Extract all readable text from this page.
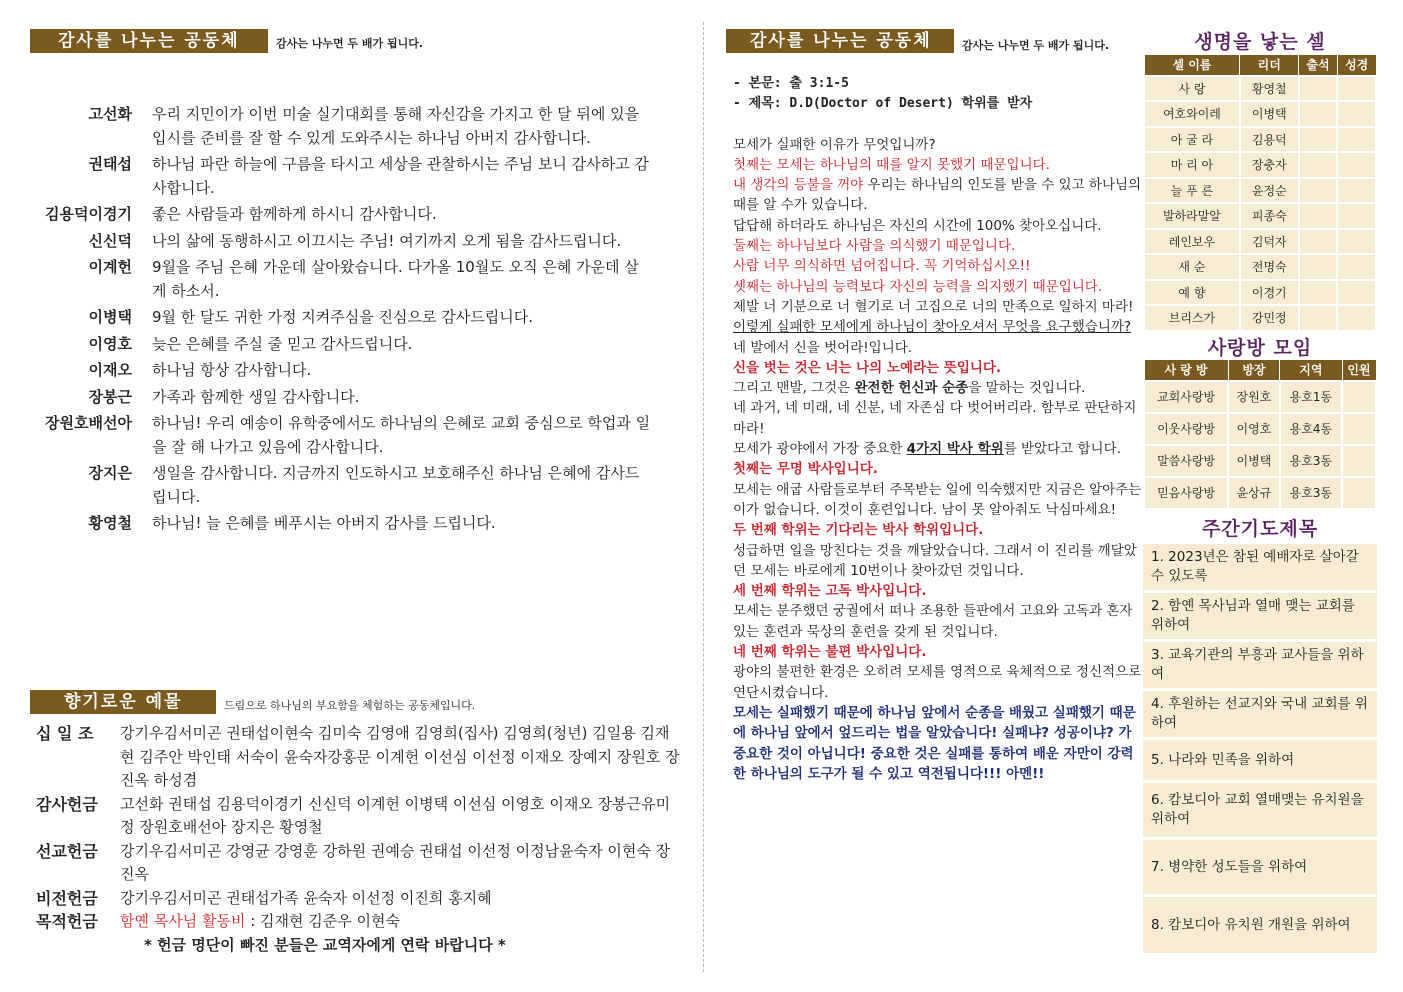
감사를 나누는 공동체	감사는 나누면 두 배가 됩니다.
고선화 우리 지민이가 이번 미술 실기대회를 통해 자신감을 가지고 한 달 뒤에 있을 입시를 준비를 잘 할 수 있게 도와주시는 하나님 아버지 감사합니다.
권태섭 하나님 파란 하늘에 구름을 타시고 세상을 관찰하시는 주님 보니 감사하고 감사합니다.
김용덕이경기 좋은 사람들과 함께하게 하시니 감사합니다.
신신덕 나의 삶에 동행하시고 이끄시는 주님! 여기까지 오게 됨을 감사드립니다.
이계헌 9월을 주님 은혜 가운데 살아왔습니다. 다가올 10월도 오직 은혜 가운데 살게 하소서.
이병택 9월 한 달도 귀한 가정 지켜주심을 진심으로 감사드립니다.
이영호 늦은 은혜를 주실 줄 믿고 감사드립니다.
이재오 하나님 항상 감사합니다.
장봉근 가족과 함께한 생일 감사합니다.
장원호배선아 하나님! 우리 예송이 유학중에서도 하나님의 은혜로 교회 중심으로 학업과 일을 잘 해 나가고 있음에 감사합니다.
장지은 생일을 감사합니다. 지금까지 인도하시고 보호해주신 하나님 은혜에 감사드립니다.
황영철 하나님! 늘 은혜를 베푸시는 아버지 감사를 드립니다.
향기로운 예물	드림으로 하나님의 부요함을 체험하는 공동체입니다.
십 일 조	강기우김서미곤 권태섭이현숙 김미숙 김영애 김영희(집사) 김영희(청년) 김일용 김재현 김주안 박인태 서숙이 윤숙자강홍문 이계헌 이선심 이선정 이재오 장예지 장원호 장진옥 하성겸
감사헌금	고선화 권태섭 김용덕이경기 신신덕 이계헌 이병택 이선심 이영호 이재오 장봉근유미정 장원호배선아 장지은 황영철
선교헌금	강기우김서미곤 강영균 강영훈 강하원 권예승 권태섭 이선정 이정남윤숙자 이현숙 장진옥
비전헌금	강기우김서미곤 권태섭가족 윤숙자 이선정 이진희 홍지혜
목적헌금	함옌 목사님 활동비 : 김재현 김준우 이현숙
* 헌금 명단이 빠진 분들은 교역자에게 연락 바랍니다 *
감사를 나누는 공동체	감사는 나누면 두 배가 됩니다.
- 본문: 출 3:1-5
- 제목: D.D(Doctor of Desert) 학위를 받자
모세가 실패한 이유가 무엇입니까?
첫째는 모세는 하나님의 때를 알지 못했기 때문입니다.
내 생각의 등불을 꺼야 우리는 하나님의 인도를 받을 수 있고 하나님의 때를 알 수가 있습니다.
답답해 하더라도 하나님은 자신의 시간에 100% 찾아오십니다.
둘째는 하나님보다 사람을 의식했기 때문입니다.
사람 너무 의식하면 넘어집니다. 꼭 기억하십시오!!
셋째는 하나님의 능력보다 자신의 능력을 의지했기 때문입니다.
제발 너 기분으로 너 혈기로 너 고집으로 너의 만족으로 일하지 마라!
이렇게 실패한 모세에게 하나님이 찾아오셔서 무엇을 요구했습니까?
네 발에서 신을 벗어라!입니다.
신을 벗는 것은 너는 나의 노예라는 뜻입니다.
그리고 맨발, 그것은 완전한 헌신과 순종을 말하는 것입니다.
네 과거, 네 미래, 네 신분, 네 자존심 다 벗어버리라. 함부로 판단하지 마라!
모세가 광야에서 가장 중요한 4가지 박사 학위를 받았다고 합니다.
첫째는 무명 박사입니다.
모세는 애굽 사람들로부터 주목받는 일에 익숙했지만 지금은 알아주는 이가 없습니다. 이것이 훈련입니다. 남이 못 알아줘도 낙심마세요!
두 번째 학위는 기다리는 박사 학위입니다.
성급하면 일을 망친다는 것을 깨달았습니다. 그래서 이 진리를 깨달았던 모세는 바로에게 10번이나 찾아갔던 것입니다.
세 번째 학위는 고독 박사입니다.
모세는 분주했던 궁궐에서 떠나 조용한 들판에서 고요와 고독과 혼자 있는 훈련과 묵상의 훈련을 갖게 된 것입니다.
네 번째 학위는 불편 박사입니다.
광야의 불편한 환경은 오히려 모세를 영적으로 육체적으로 정신적으로 연단시켰습니다.
모세는 실패했기 때문에 하나님 앞에서 순종을 배웠고 실패했기 때문에 하나님 앞에서 엎드리는 법을 알았습니다! 실패냐? 성공이냐? 가 중요한 것이 아닙니다! 중요한 것은 실패를 통하여 배운 자만이 강력한 하나님의 도구가 될 수 있고 역전됩니다!!! 아멘!!
생명을 낳는 셀
셀 이름	리더	출석	성경
사 랑	황영철		
여호와이레	이병택		
아 굴 라	김용덕		
마 리 아	장충자		
늘 푸 른	윤정순		
발하라말알	피종숙		
레인보우	김덕자		
새 순	전명숙		
예 향	이경기		
브리스가	강민정		
사랑방 모임
사 랑 방	방장	지역	인원
교회사랑방	장원호	용호1동	
이웃사랑방	이영호	용호4동	
말씀사랑방	이병택	용호3동	
믿음사랑방	윤상규	용호3동	
주간기도제목
1. 2023년은 참된 예배자로 살아갈 수 있도록
2. 함옌 목사님과 열매 맺는 교회를 위하여
3. 교육기관의 부흥과 교사들을 위하여
4. 후원하는 선교지와 국내 교회를 위하여
5. 나라와 민족을 위하여
6. 캄보디아 교회 열매맺는 유치원을 위하여
7. 병약한 성도들을 위하여
8. 캄보디아 유치원 개원을 위하여
